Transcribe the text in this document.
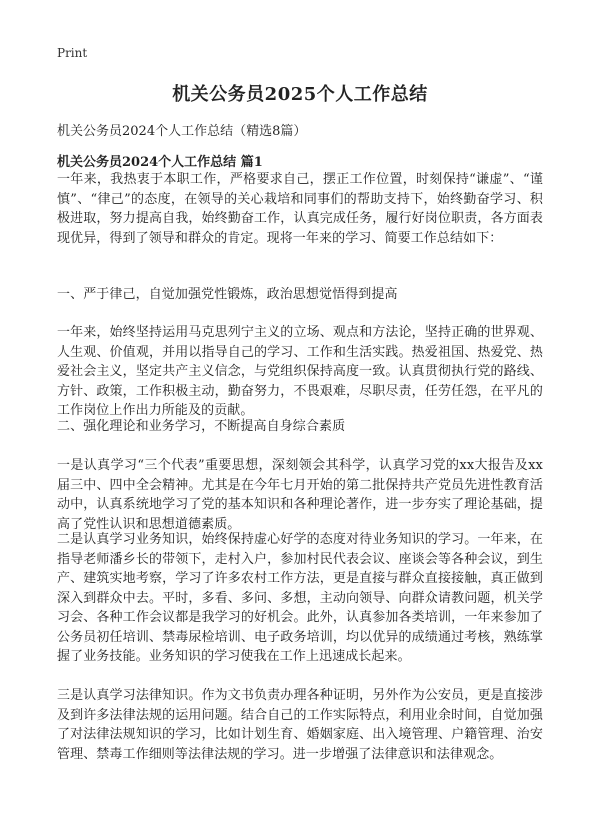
Print
机关公务员2025个人工作总结
机关公务员2024个人工作总结（精选8篇）
机关公务员2024个人工作总结 篇1

一年来，我热衷于本职工作，严格要求自己，摆正工作位置，时刻保持“谦虚”、“谨慎”、“律己”的态度，在领导的关心栽培和同事们的帮助支持下，始终勤奋学习、积极进取，努力提高自我，始终勤奋工作，认真完成任务，履行好岗位职责，各方面表现优异，得到了领导和群众的肯定。现将一年来的学习、简要工作总结如下：

一、严于律己，自觉加强党性锻炼，政治思想觉悟得到提高

一年来，始终坚持运用马克思列宁主义的立场、观点和方法论，坚持正确的世界观、人生观、价值观，并用以指导自己的学习、工作和生活实践。热爱祖国、热爱党、热爱社会主义，坚定共产主义信念，与党组织保持高度一致。认真贯彻执行党的路线、方针、政策，工作积极主动，勤奋努力，不畏艰难，尽职尽责，任劳任怨，在平凡的工作岗位上作出力所能及的贡献。

二、强化理论和业务学习，不断提高自身综合素质

一是认真学习“三个代表”重要思想，深刻领会其科学，认真学习党的xx大报告及xx届三中、四中全会精神。尤其是在今年七月开始的第二批保持共产党员先进性教育活动中，认真系统地学习了党的基本知识和各种理论著作，进一步夯实了理论基础，提高了党性认识和思想道德素质。

二是认真学习业务知识，始终保持虚心好学的态度对待业务知识的学习。一年来，在指导老师潘乡长的带领下，走村入户，参加村民代表会议、座谈会等各种会议，到生产、建筑实地考察，学习了许多农村工作方法，更是直接与群众直接接触，真正做到深入到群众中去。平时，多看、多问、多想，主动向领导、向群众请教问题，机关学习会、各种工作会议都是我学习的好机会。此外，认真参加各类培训，一年来参加了公务员初任培训、禁毒尿检培训、电子政务培训，均以优异的成绩通过考核，熟练掌握了业务技能。业务知识的学习使我在工作上迅速成长起来。

三是认真学习法律知识。作为文书负责办理各种证明，另外作为公安员，更是直接涉及到许多法律法规的运用问题。结合自己的工作实际特点，利用业余时间，自觉加强了对法律法规知识的学习，比如计划生育、婚姻家庭、出入境管理、户籍管理、治安管理、禁毒工作细则等法律法规的学习。进一步增强了法律意识和法律观念。
